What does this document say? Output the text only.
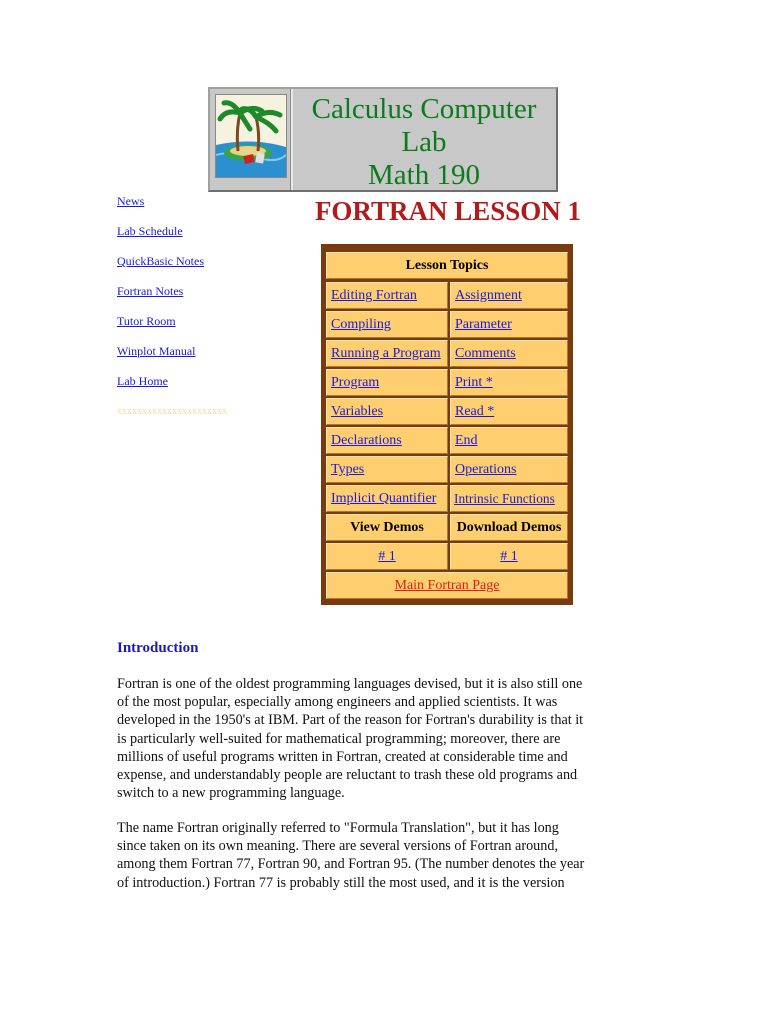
Calculus Computer
Lab
Math 190
FORTRAN LESSON 1
News
Lab Schedule
QuickBasic Notes
Fortran Notes
Tutor Room
Winplot Manual
Lab Home
xxxxxxxxxxxxxxxxxxxxxx
Lesson Topics
Editing Fortran	Assignment
Compiling	Parameter
Running a Program	Comments
Program	Print *
Variables	Read *
Declarations	End
Types	Operations
Implicit Quantifier	Intrinsic Functions
View Demos	Download Demos
# 1	# 1
Main Fortran Page
Introduction
Fortran is one of the oldest programming languages devised, but it is also still one
of the most popular, especially among engineers and applied scientists. It was
developed in the 1950's at IBM. Part of the reason for Fortran's durability is that it
is particularly well-suited for mathematical programming; moreover, there are
millions of useful programs written in Fortran, created at considerable time and
expense, and understandably people are reluctant to trash these old programs and
switch to a new programming language.
The name Fortran originally referred to "Formula Translation", but it has long
since taken on its own meaning. There are several versions of Fortran around,
among them Fortran 77, Fortran 90, and Fortran 95. (The number denotes the year
of introduction.) Fortran 77 is probably still the most used, and it is the version
